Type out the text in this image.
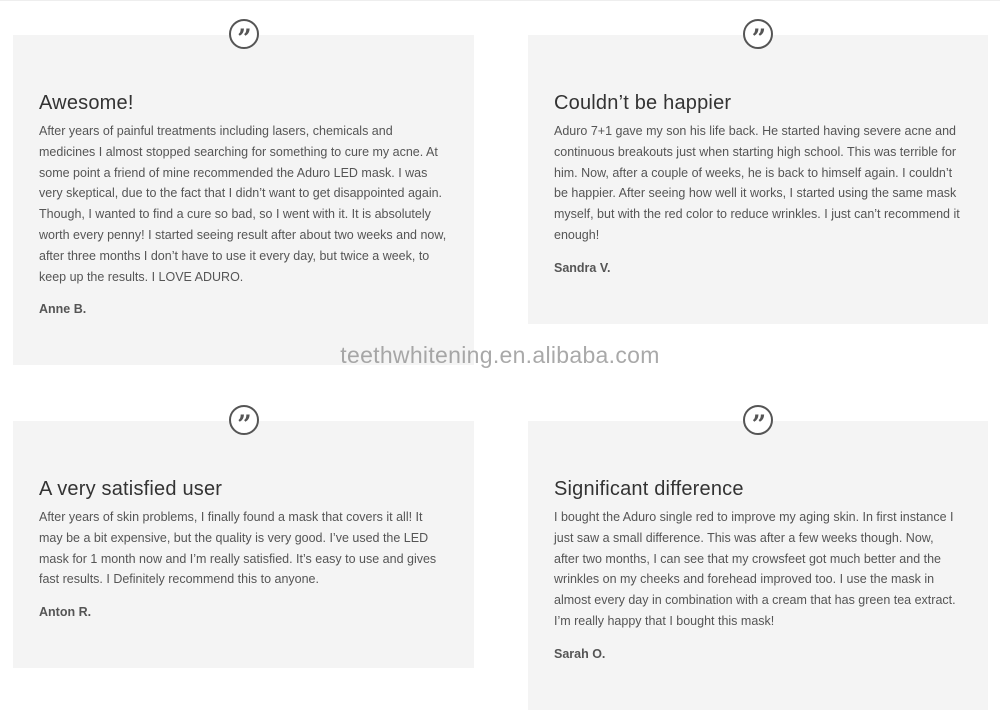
”
Awesome!

After years of painful treatments including lasers, chemicals and medicines I almost stopped searching for something to cure my acne. At some point a friend of mine recommended the Aduro LED mask. I was very skeptical, due to the fact that I didn’t want to get disappointed again. Though, I wanted to find a cure so bad, so I went with it. It is absolutely worth every penny! I started seeing result after about two weeks and now, after three months I don’t have to use it every day, but twice a week, to keep up the results. I LOVE ADURO.

Anne B.

”
Couldn’t be happier

Aduro 7+1 gave my son his life back. He started having severe acne and continuous breakouts just when starting high school. This was terrible for him. Now, after a couple of weeks, he is back to himself again. I couldn’t be happier. After seeing how well it works, I started using the same mask myself, but with the red color to reduce wrinkles. I just can’t recommend it enough!

Sandra V.

”
A very satisfied user

After years of skin problems, I finally found a mask that covers it all! It may be a bit expensive, but the quality is very good. I’ve used the LED mask for 1 month now and I’m really satisfied. It’s easy to use and gives fast results. I Definitely recommend this to anyone.

Anton R.

”
Significant difference

I bought the Aduro single red to improve my aging skin. In first instance I just saw a small difference. This was after a few weeks though. Now, after two months, I can see that my crowsfeet got much better and the wrinkles on my cheeks and forehead improved too. I use the mask in almost every day in combination with a cream that has green tea extract. I’m really happy that I bought this mask!

Sarah O.

teethwhitening.en.alibaba.com
